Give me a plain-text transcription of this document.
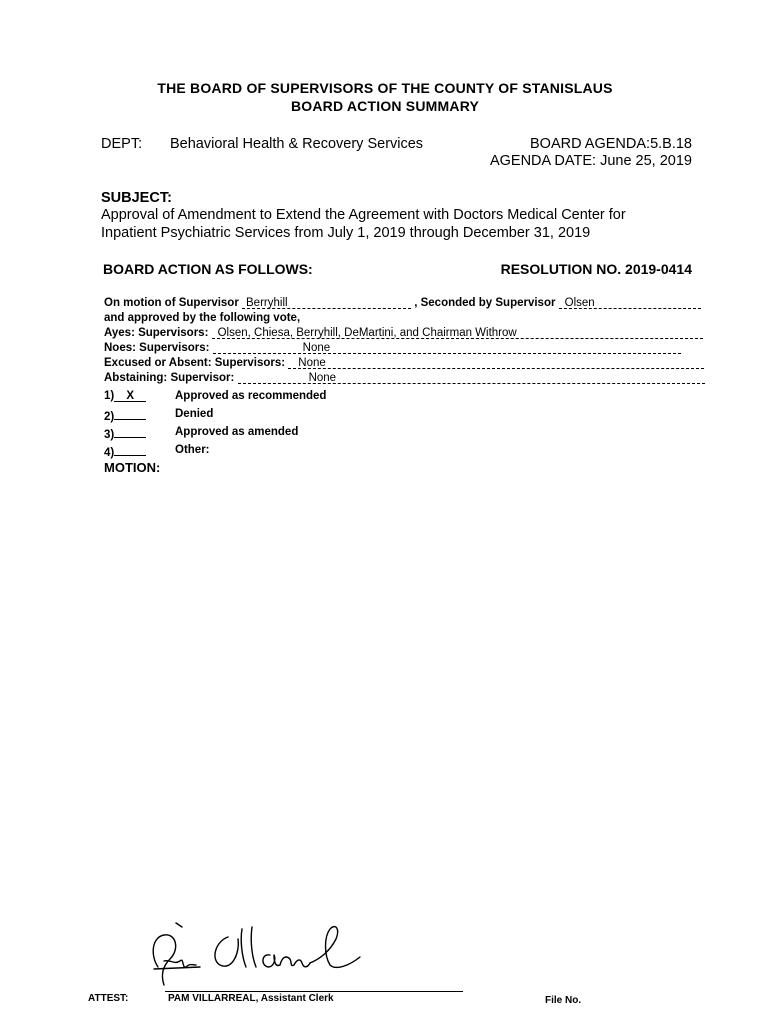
THE BOARD OF SUPERVISORS OF THE COUNTY OF STANISLAUS
BOARD ACTION SUMMARY
DEPT: Behavioral Health & Recovery Services	BOARD AGENDA:5.B.18
AGENDA DATE: June 25, 2019
SUBJECT:
Approval of Amendment to Extend the Agreement with Doctors Medical Center for
Inpatient Psychiatric Services from July 1, 2019 through December 31, 2019
BOARD ACTION AS FOLLOWS:	RESOLUTION NO. 2019-0414
On motion of Supervisor Berryhill	, Seconded by Supervisor Olsen
and approved by the following vote,
Ayes: Supervisors: Olsen, Chiesa, Berryhill, DeMartini, and Chairman Withrow
Noes: Supervisors:	None
Excused or Absent: Supervisors: None
Abstaining: Supervisor:	None
1) X	Approved as recommended
2)	Denied
3)	Approved as amended
4)	Other:
MOTION:
ATTEST:	PAM VILLARREAL, Assistant Clerk	File No.
